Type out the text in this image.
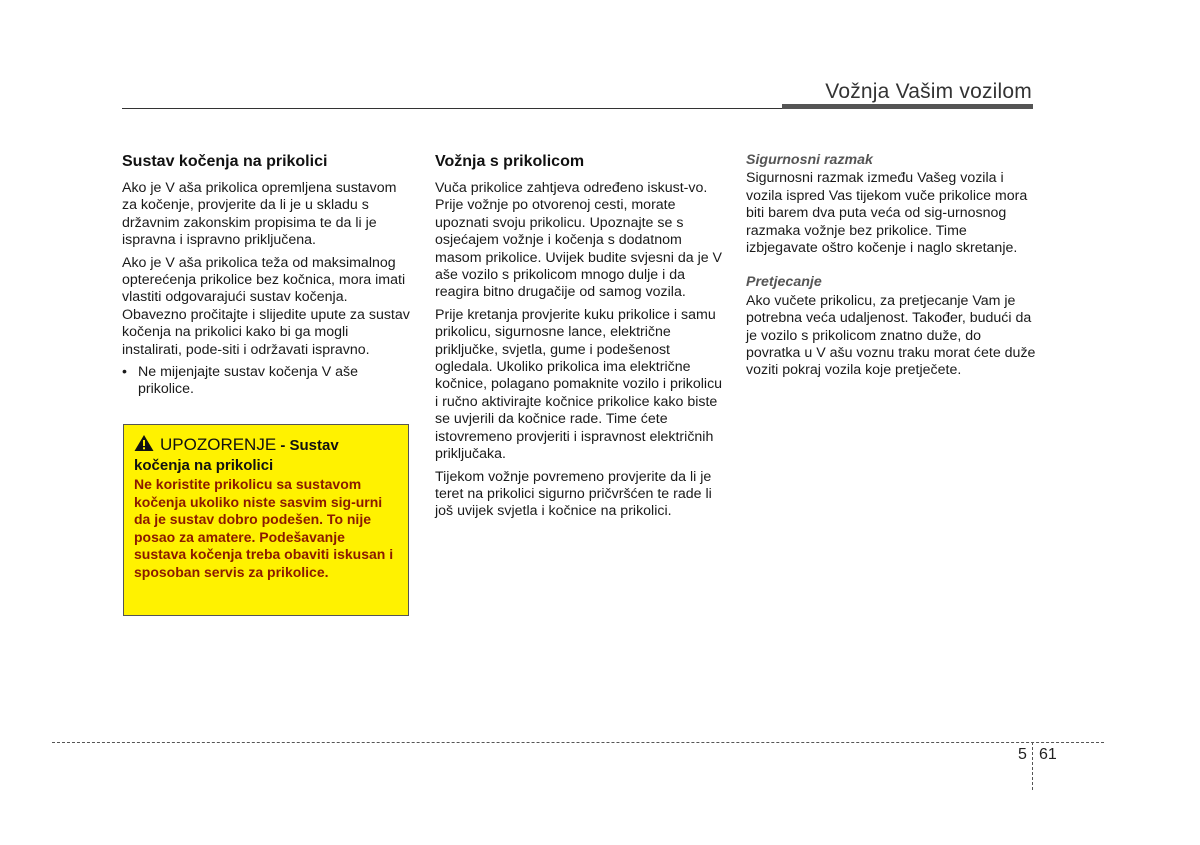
Vožnja Vašim vozilom
Sustav kočenja na prikolici

Ako je V aša prikolica opremljena sustavom za kočenje, provjerite da li je u skladu s državnim zakonskim propisima te da li je ispravna i ispravno priključena.

Ako je V aša prikolica teža od maksimalnog opterećenja prikolice bez kočnica, mora imati vlastiti odgovarajući sustav kočenja. Obavezno pročitajte i slijedite upute za sustav kočenja na prikolici kako bi ga mogli instalirati, pode-siti i održavati ispravno.

• Ne mijenjajte sustav kočenja V aše prikolice.
UPOZORENJE - Sustav
kočenja na prikolici
Ne koristite prikolicu sa sustavom kočenja ukoliko niste sasvim sig-urni da je sustav dobro podešen. To nije posao za amatere. Podešavanje sustava kočenja treba obaviti iskusan i sposoban servis za prikolice.
Vožnja s prikolicom

Vuča prikolice zahtjeva određeno iskust-vo. Prije vožnje po otvorenoj cesti, morate upoznati svoju prikolicu. Upoznajte se s osjećajem vožnje i kočenja s dodatnom masom prikolice. Uvijek budite svjesni da je V aše vozilo s prikolicom mnogo dulje i da reagira bitno drugačije od samog vozila.

Prije kretanja provjerite kuku prikolice i samu prikolicu, sigurnosne lance, električne priključke, svjetla, gume i podešenost ogledala. Ukoliko prikolica ima električne kočnice, polagano pomaknite vozilo i prikolicu i ručno aktivirajte kočnice prikolice kako biste se uvjerili da kočnice rade. Time ćete istovremeno provjeriti i ispravnost električnih priključaka.

Tijekom vožnje povremeno provjerite da li je teret na prikolici sigurno pričvršćen te rade li još uvijek svjetla i kočnice na prikolici.

Sigurnosni razmak

Sigurnosni razmak između Vašeg vozila i vozila ispred Vas tijekom vuče prikolice mora biti barem dva puta veća od sig-urnosnog razmaka vožnje bez prikolice. Time izbjegavate oštro kočenje i naglo skretanje.

Pretjecanje

Ako vučete prikolicu, za pretjecanje Vam je potrebna veća udaljenost. Također, budući da je vozilo s prikolicom znatno duže, do povratka u V ašu voznu traku morat ćete duže voziti pokraj vozila koje pretječete.

5 61
